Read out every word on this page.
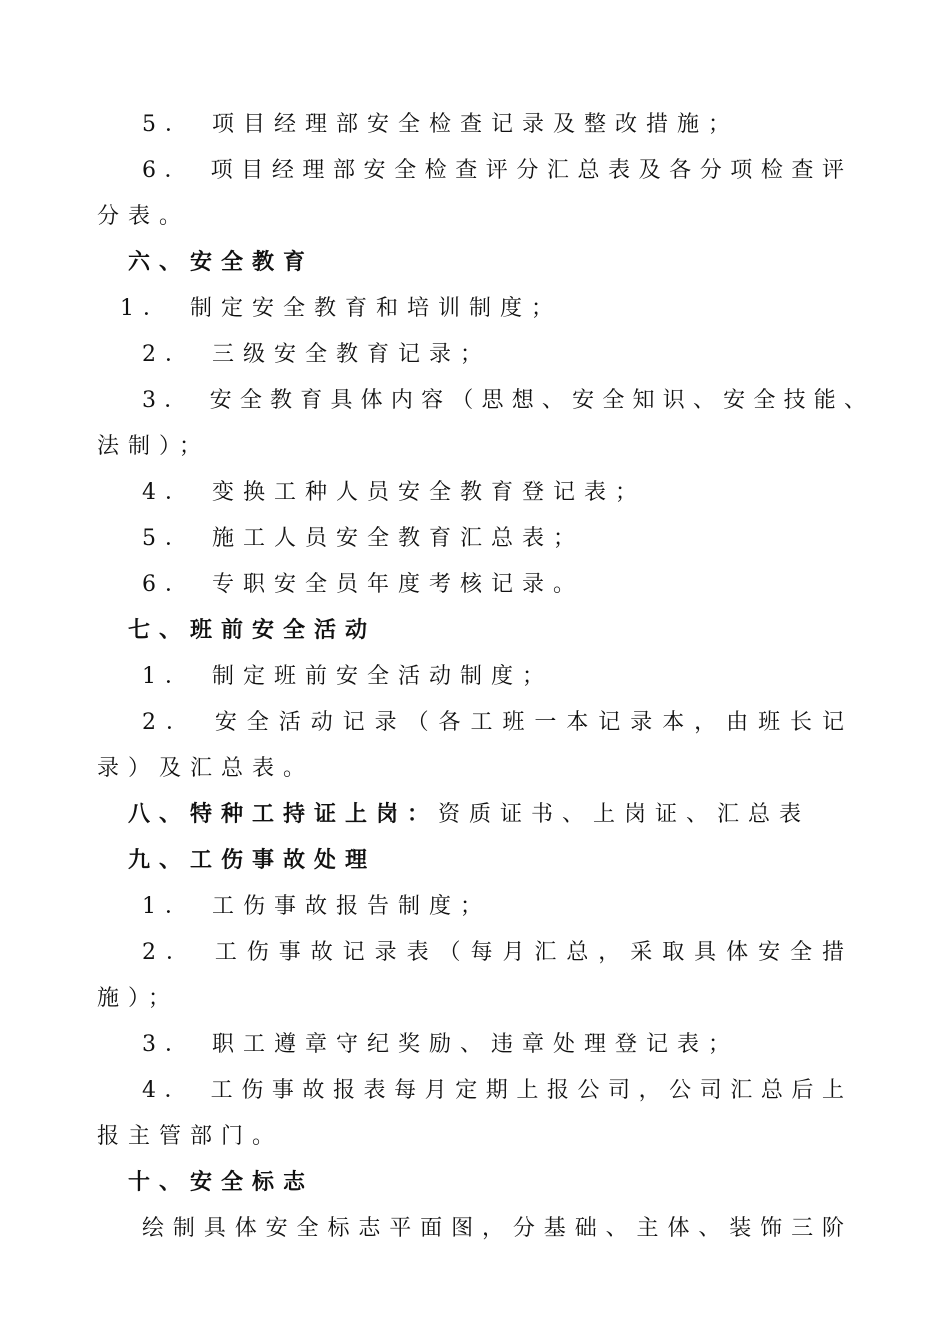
5． 项目经理部安全检查记录及整改措施；
6． 项目经理部安全检查评分汇总表及各分项检查评
分表。
六、安全教育
1． 制定安全教育和培训制度；
2． 三级安全教育记录；
3． 安全教育具体内容（思想、安全知识、安全技能、
法制）；
4． 变换工种人员安全教育登记表；
5． 施工人员安全教育汇总表；
6． 专职安全员年度考核记录。
七、班前安全活动
1． 制定班前安全活动制度；
2． 安全活动记录（各工班一本记录本，由班长记
录）及汇总表。
八、特种工持证上岗：资质证书、上岗证、汇总表
九、工伤事故处理
1． 工伤事故报告制度；
2． 工伤事故记录表（每月汇总，采取具体安全措
施）；
3． 职工遵章守纪奖励、违章处理登记表；
4． 工伤事故报表每月定期上报公司，公司汇总后上
报主管部门。
十、安全标志
绘制具体安全标志平面图，分基础、主体、装饰三阶
